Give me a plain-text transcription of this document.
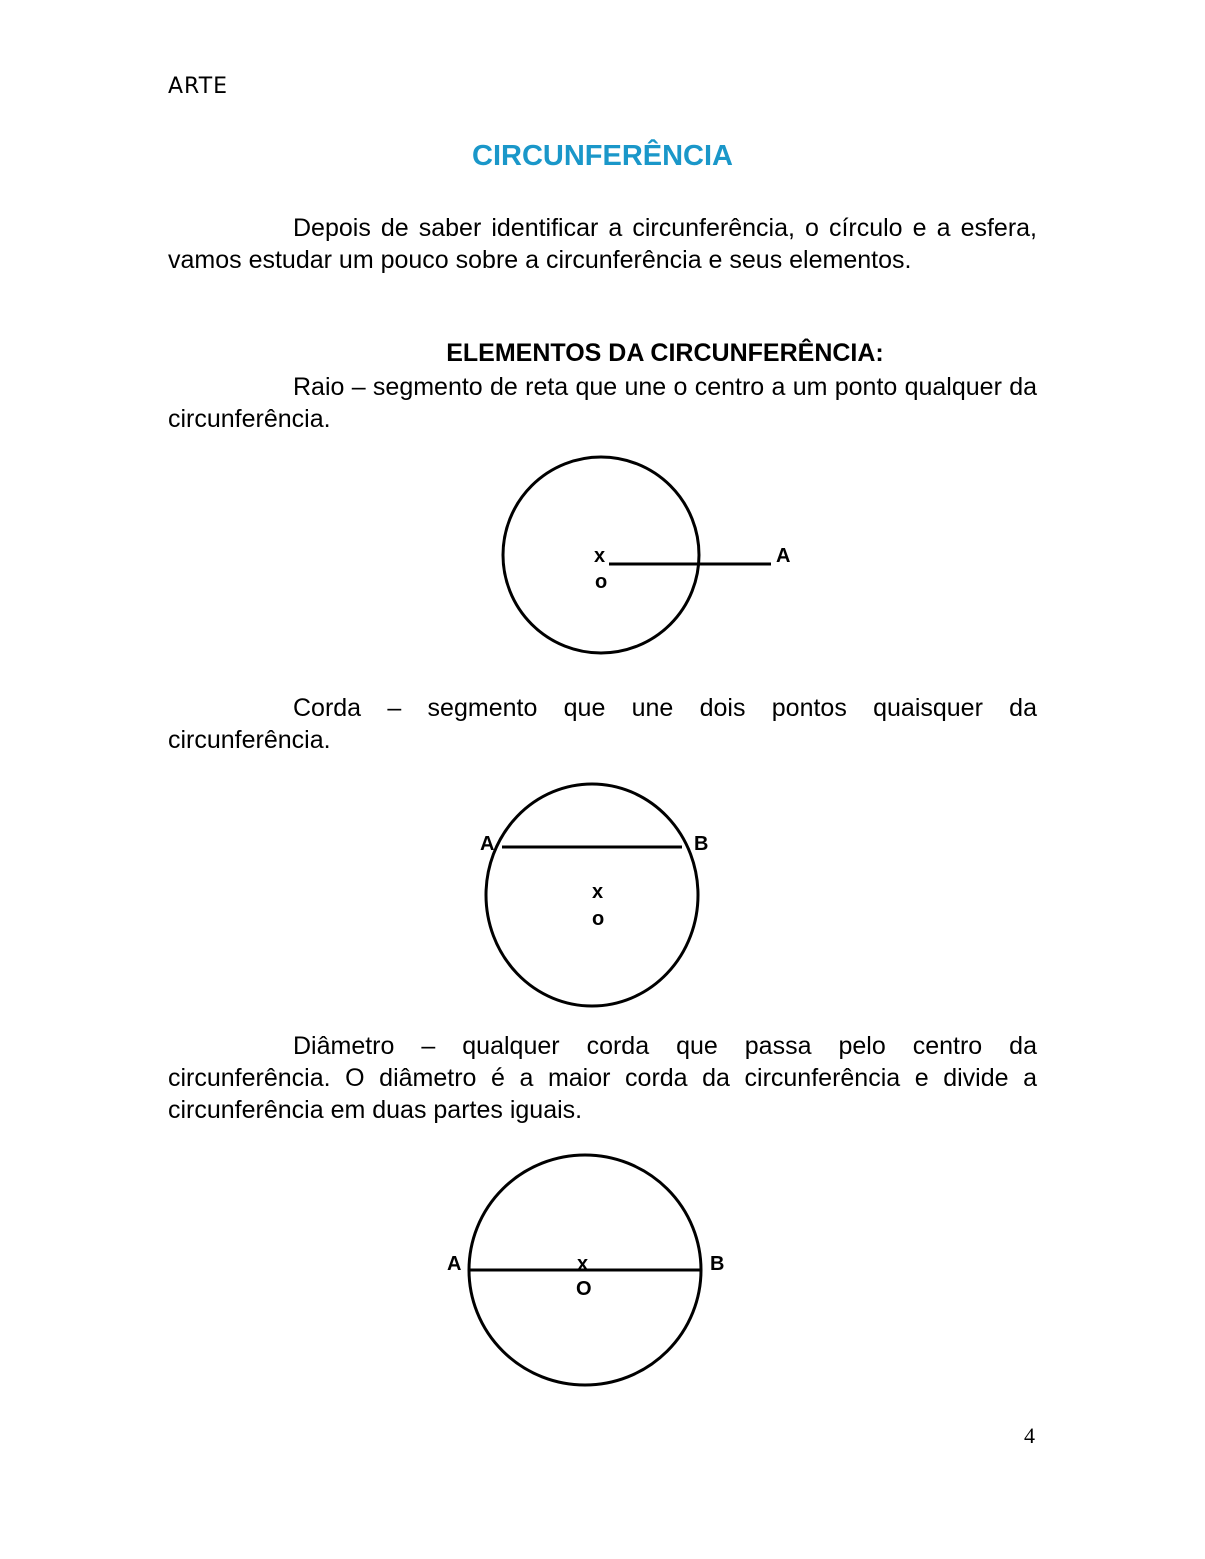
ARTE
CIRCUNFERÊNCIA

Depois de saber identificar a circunferência, o círculo e a esfera, vamos estudar um pouco sobre a circunferência e seus elementos.

ELEMENTOS DA CIRCUNFERÊNCIA:

Raio – segmento de reta que une o centro a um ponto qualquer da circunferência.

Corda – segmento que une dois pontos quaisquer da circunferência.

Diâmetro – qualquer corda que passa pelo centro da circunferência. O diâmetro é a maior corda da circunferência e divide a circunferência em duas partes iguais.

x
o
A
A	B
x
o
A	B
x
O
4
